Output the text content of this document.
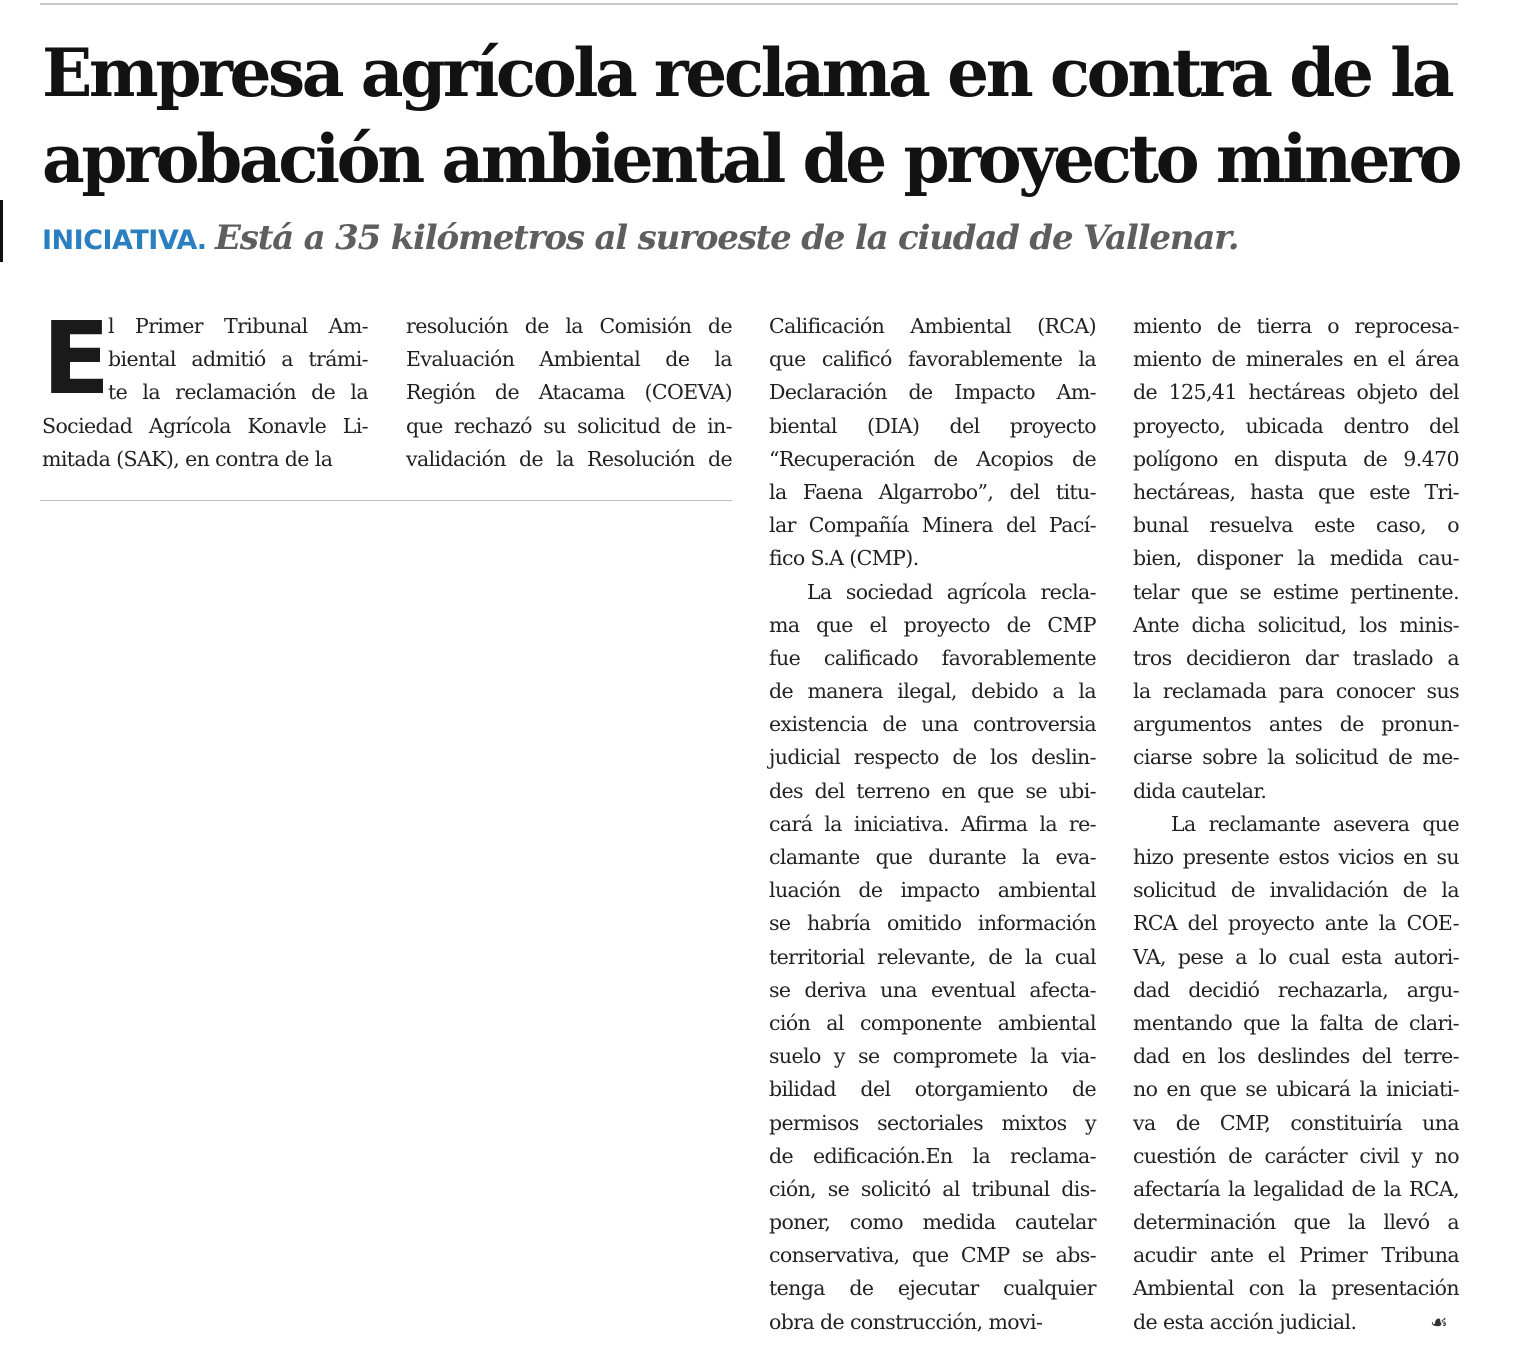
Empresa agrícola reclama en contra de la
aprobación ambiental de proyecto minero
INICIATIVA. Está a 35 kilómetros al suroeste de la ciudad de Vallenar.
E
l Primer Tribunal Am-
biental admitió a trámi-
te la reclamación de la
Sociedad Agrícola Konavle Li-
mitada (SAK), en contra de la
resolución de la Comisión de
Evaluación Ambiental de la
Región de Atacama (COEVA)
que rechazó su solicitud de in-
validación de la Resolución de
Calificación Ambiental (RCA)
que calificó favorablemente la
Declaración de Impacto Am-
biental (DIA) del proyecto
“Recuperación de Acopios de
la Faena Algarrobo”, del titu-
lar Compañía Minera del Pací-
fico S.A (CMP).
La sociedad agrícola recla-
ma que el proyecto de CMP
fue calificado favorablemente
de manera ilegal, debido a la
existencia de una controversia
judicial respecto de los deslin-
des del terreno en que se ubi-
cará la iniciativa. Afirma la re-
clamante que durante la eva-
luación de impacto ambiental
se habría omitido información
territorial relevante, de la cual
se deriva una eventual afecta-
ción al componente ambiental
suelo y se compromete la via-
bilidad del otorgamiento de
permisos sectoriales mixtos y
de edificación.En la reclama-
ción, se solicitó al tribunal dis-
poner, como medida cautelar
conservativa, que CMP se abs-
tenga de ejecutar cualquier
obra de construcción, movi-
miento de tierra o reprocesa-
miento de minerales en el área
de 125,41 hectáreas objeto del
proyecto, ubicada dentro del
polígono en disputa de 9.470
hectáreas, hasta que este Tri-
bunal resuelva este caso, o
bien, disponer la medida cau-
telar que se estime pertinente.
Ante dicha solicitud, los minis-
tros decidieron dar traslado a
la reclamada para conocer sus
argumentos antes de pronun-
ciarse sobre la solicitud de me-
dida cautelar.
La reclamante asevera que
hizo presente estos vicios en su
solicitud de invalidación de la
RCA del proyecto ante la COE-
VA, pese a lo cual esta autori-
dad decidió rechazarla, argu-
mentando que la falta de clari-
dad en los deslindes del terre-
no en que se ubicará la iniciati-
va de CMP, constituiría una
cuestión de carácter civil y no
afectaría la legalidad de la RCA,
determinación que la llevó a
acudir ante el Primer Tribuna
Ambiental con la presentación
de esta acción judicial.	☙
